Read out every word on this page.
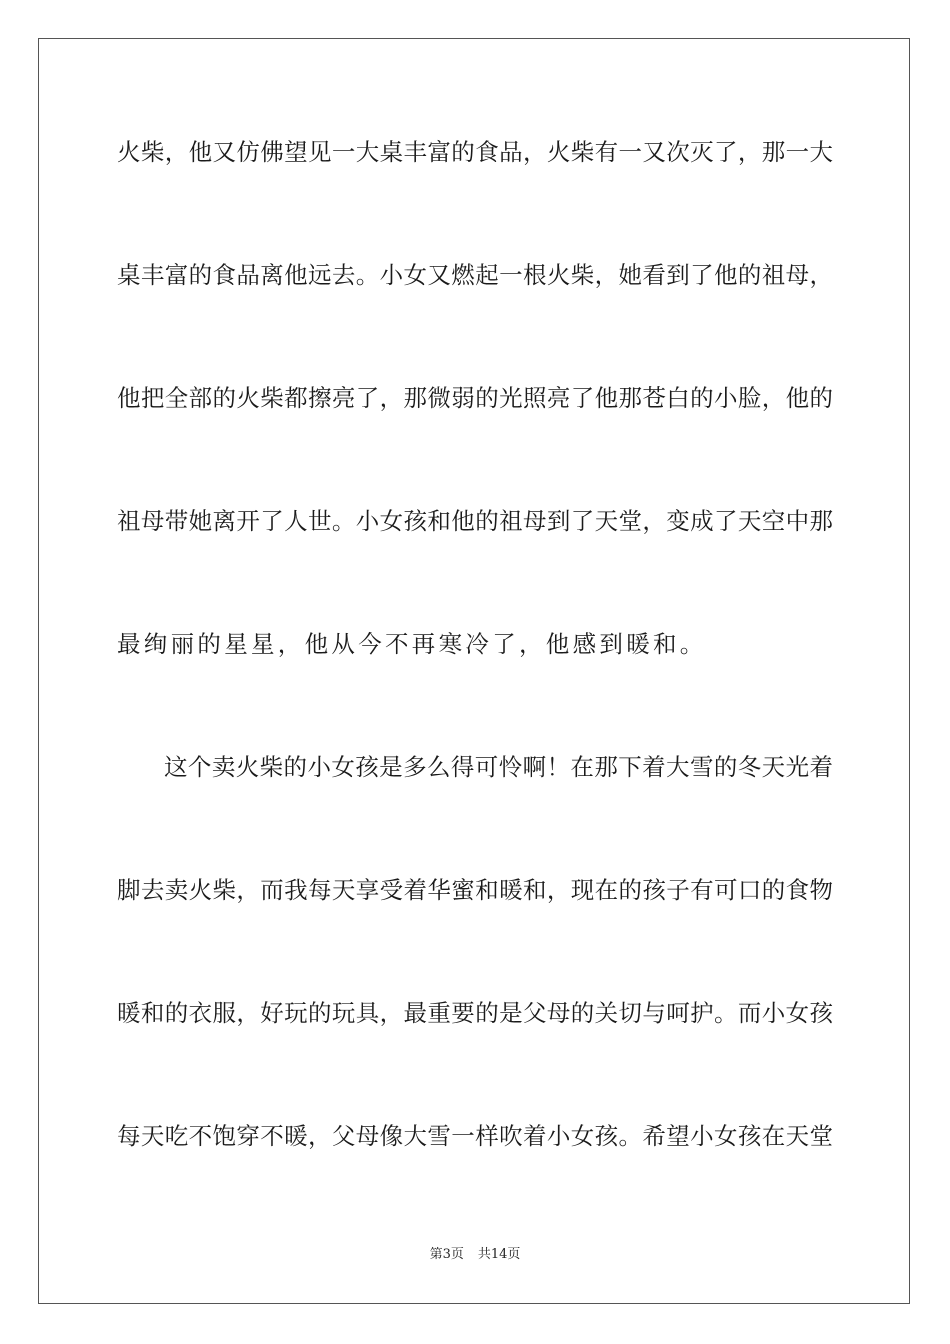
火柴，他又仿佛望见一大桌丰富的食品，火柴有一又次灭了，那一大
桌丰富的食品离他远去。小女又燃起一根火柴，她看到了他的祖母，
他把全部的火柴都擦亮了，那微弱的光照亮了他那苍白的小脸，他的
祖母带她离开了人世。小女孩和他的祖母到了天堂，变成了天空中那
最绚丽的星星，他从今不再寒冷了，他感到暖和。
这个卖火柴的小女孩是多么得可怜啊！在那下着大雪的冬天光着
脚去卖火柴，而我每天享受着华蜜和暖和，现在的孩子有可口的食物
暖和的衣服，好玩的玩具，最重要的是父母的关切与呵护。而小女孩
每天吃不饱穿不暖，父母像大雪一样吹着小女孩。希望小女孩在天堂
第3页 共14页
